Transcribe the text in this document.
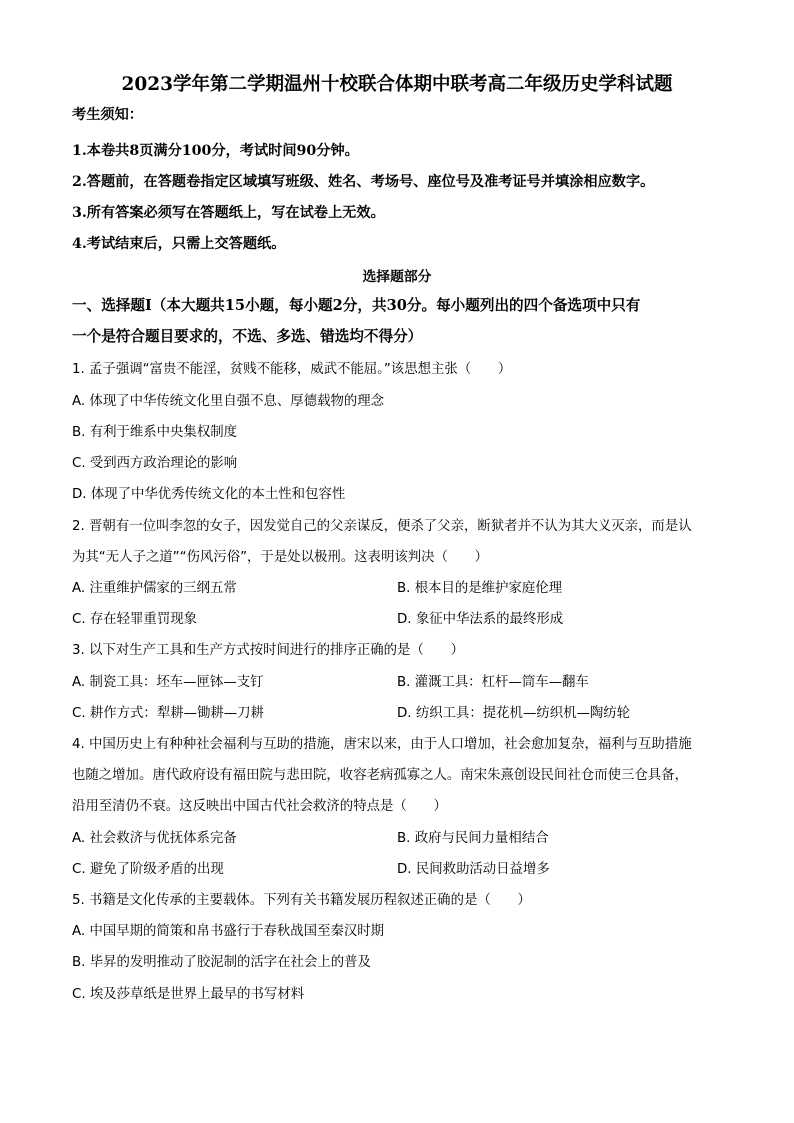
2023学年第二学期温州十校联合体期中联考高二年级历史学科试题
考生须知：
1.本卷共8页满分100分，考试时间90分钟。
2.答题前，在答题卷指定区域填写班级、姓名、考场号、座位号及准考证号并填涂相应数字。
3.所有答案必须写在答题纸上，写在试卷上无效。
4.考试结束后，只需上交答题纸。
选择题部分
一、选择题Ⅰ（本大题共15小题，每小题2分，共30分。每小题列出的四个备选项中只有
一个是符合题目要求的，不选、多选、错选均不得分）
1. 孟子强调“富贵不能淫，贫贱不能移，威武不能屈。”该思想主张（　　）
A. 体现了中华传统文化里自强不息、厚德载物的理念
B. 有利于维系中央集权制度
C. 受到西方政治理论的影响
D. 体现了中华优秀传统文化的本土性和包容性
2. 晋朝有一位叫李忽的女子，因发觉自己的父亲谋反，便杀了父亲，断狱者并不认为其大义灭亲，而是认
为其“无人子之道”“伤风污俗”，于是处以极刑。这表明该判决（　　）
A. 注重维护儒家的三纲五常	B. 根本目的是维护家庭伦理
C. 存在轻罪重罚现象	D. 象征中华法系的最终形成
3. 以下对生产工具和生产方式按时间进行的排序正确的是（　　）
A. 制瓷工具：坯车—匣钵—支钉	B. 灌溉工具：杠杆—筒车—翻车
C. 耕作方式：犁耕—锄耕—刀耕	D. 纺织工具：提花机—纺织机—陶纺轮
4. 中国历史上有种种社会福利与互助的措施，唐宋以来，由于人口增加，社会愈加复杂，福利与互助措施
也随之增加。唐代政府设有福田院与悲田院，收容老病孤寡之人。南宋朱熹创设民间社仓而使三仓具备，
沿用至清仍不衰。这反映出中国古代社会救济的特点是（　　）
A. 社会救济与优抚体系完备	B. 政府与民间力量相结合
C. 避免了阶级矛盾的出现	D. 民间救助活动日益增多
5. 书籍是文化传承的主要载体。下列有关书籍发展历程叙述正确的是（　　）
A. 中国早期的简策和帛书盛行于春秋战国至秦汉时期
B. 毕昇的发明推动了胶泥制的活字在社会上的普及
C. 埃及莎草纸是世界上最早的书写材料
